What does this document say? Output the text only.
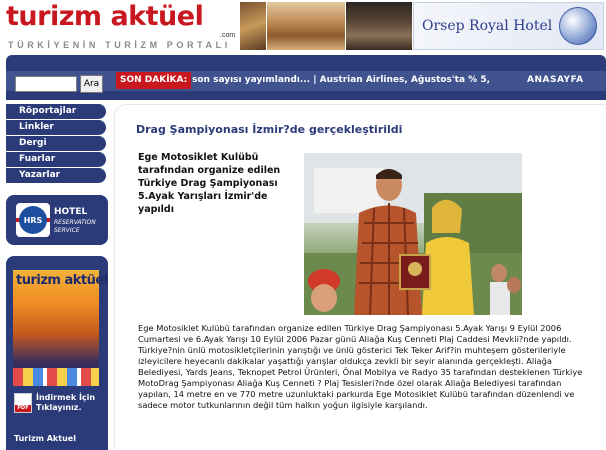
turizm aktüel
.com
TÜRKİYENİN TURİZM PORTALI
Orsep Royal Hotel
Ara	SON DAKİKA: son sayısı yayımlandı... | Austrian Airlines, Ağustos'ta % 5,	ANASAYFA
Röportajlar
Linkler
Dergi
Fuarlar
Yazarlar
HRS
HOTEL
RESERVATION SERVICE
turizm aktüel
PDF
İndirmek İçin Tıklayınız.
Turizm Aktuel
Drag Şampiyonası İzmir?de gerçekleştirildi
Ege Motosiklet Kulübü tarafından organize edilen Türkiye Drag Şampiyonası 5.Ayak Yarışları İzmir'de yapıldı

Ege Motosiklet Kulübü tarafından organize edilen Türkiye Drag Şampiyonası 5.Ayak Yarışı 9 Eylül 2006 Cumartesi ve 6.Ayak Yarışı 10 Eylül 2006 Pazar günü Aliağa Kuş Cenneti Plaj Caddesi Mevkii?nde yapıldı.

Türkiye?nin ünlü motosikletçilerinin yarıştığı ve ünlü gösterici Tek Teker Arif?in muhteşem gösterileriyle izleyicilere heyecanlı dakikalar yaşattığı yarışlar oldukça zevkli bir seyir alanında gerçekleşti. Aliağa Belediyesi, Yards Jeans, Teknopet Petrol Ürünleri, Önal Mobilya ve Radyo 35 tarafından desteklenen Türkiye MotoDrag Şampiyonası Aliağa Kuş Cenneti ? Plaj Tesisleri?nde özel olarak Aliağa Belediyesi tarafından yapılan, 14 metre en ve 770 metre uzunluktaki parkurda Ege Motosiklet Kulübü tarafından düzenlendi ve sadece motor tutkunlarının değil tüm halkın yoğun ilgisiyle karşılandı.
